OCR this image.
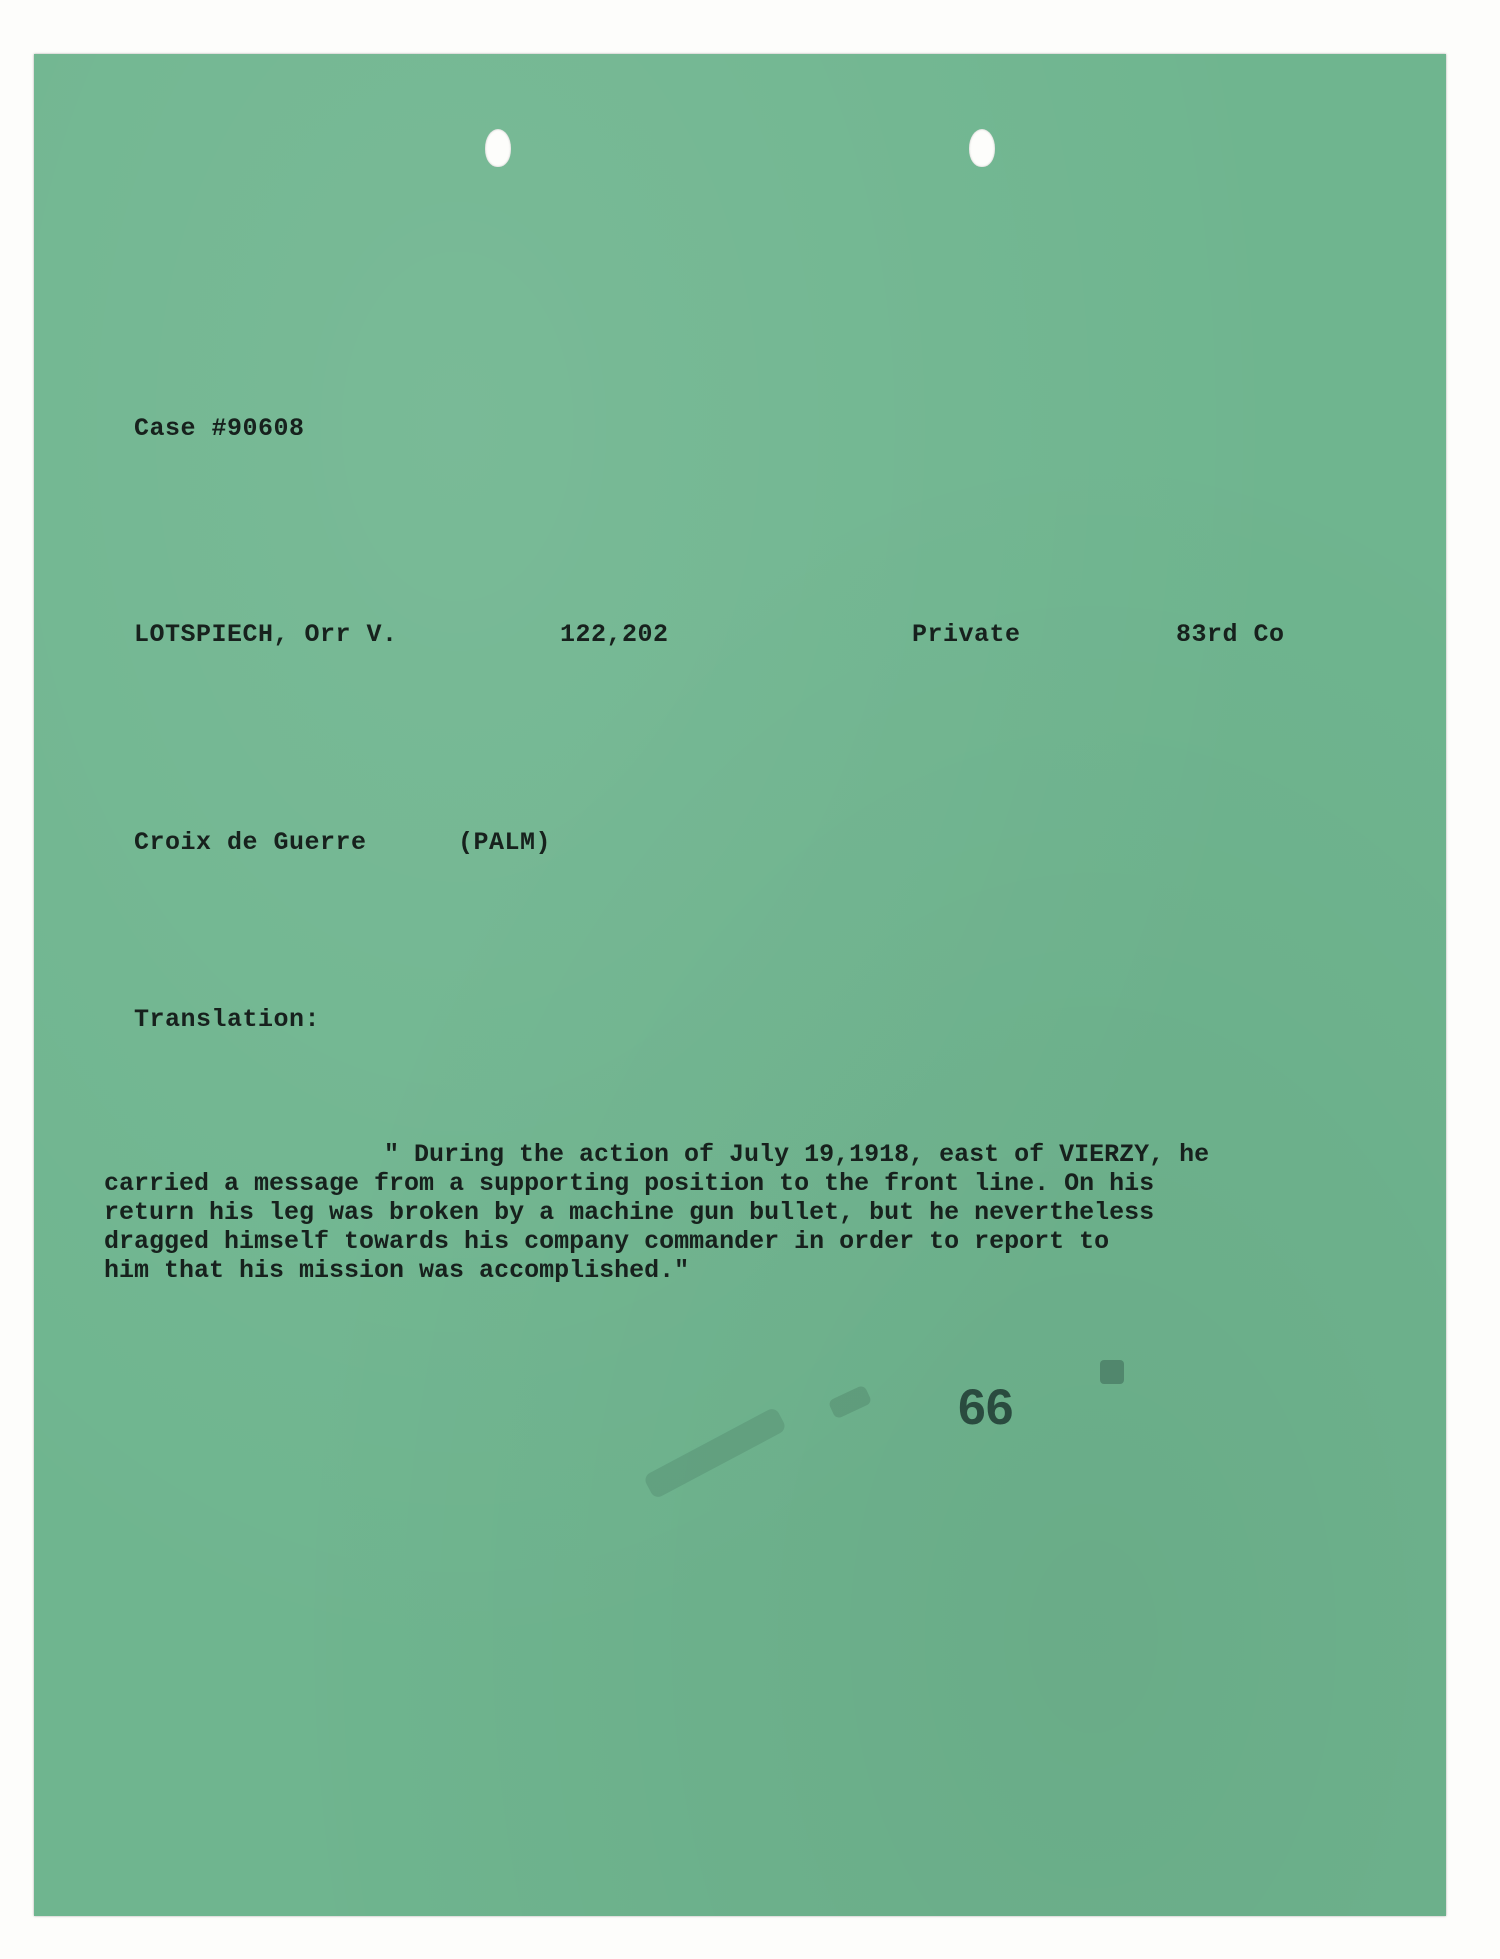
Case #90608
LOTSPIECH, Orr V.	122,202	Private	83rd Co
Croix de Guerre	(PALM)
Translation:
" During the action of July 19,1918, east of VIERZY, he
carried a message from a supporting position to the front line. On his
return his leg was broken by a machine gun bullet, but he nevertheless
dragged himself towards his company commander in order to report to
him that his mission was accomplished."
66
